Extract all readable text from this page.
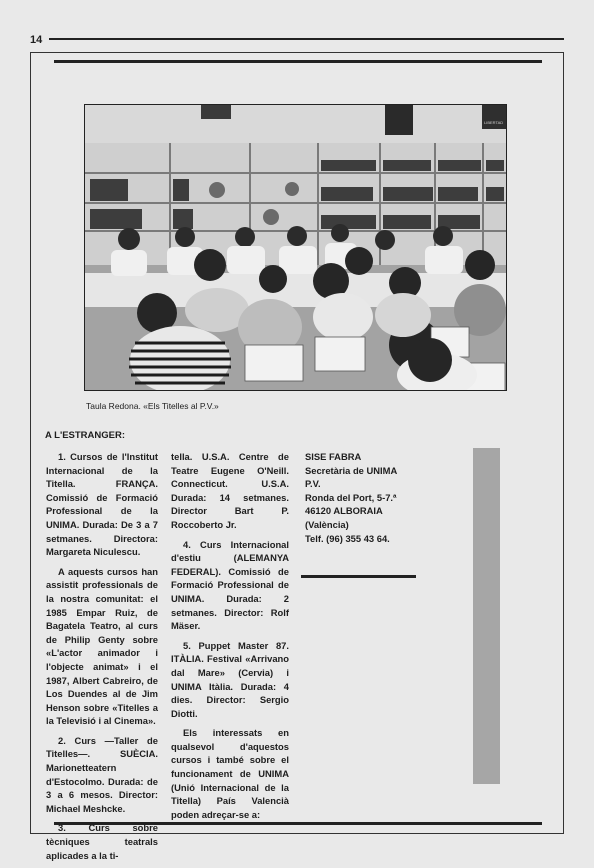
14
LIBERTAD
Taula Redona. «Els Titelles al P.V.»
A L'ESTRANGER:

1. Cursos de l'Institut Internacional de la Titella. FRANÇA. Comissió de Formació Professional de la UNIMA. Durada: De 3 a 7 setmanes. Directora: Margareta Niculescu.

A aquests cursos han assistit professionals de la nostra comunitat: el 1985 Empar Ruiz, de Bagatela Teatro, al curs de Philip Genty sobre «L'actor animador i l'objecte animat» i el 1987, Albert Cabreiro, de Los Duendes al de Jim Henson sobre «Titelles a la Televisió i al Cinema».

2. Curs —Taller de Titelles—. SUÈCIA. Marionetteatern d'Estocolmo. Durada: de 3 a 6 mesos. Director: Michael Meshcke.

3. Curs sobre tècniques teatrals aplicades a la ti-

tella. U.S.A. Centre de Teatre Eugene O'Neill. Connecticut. U.S.A. Durada: 14 setmanes. Director Bart P. Roccoberto Jr.

4. Curs Internacional d'estiu (ALEMANYA FEDERAL). Comissió de Formació Professional de UNIMA. Durada: 2 setmanes. Director: Rolf Mäser.

5. Puppet Master 87. ITÀLIA. Festival «Arrivano dal Mare» (Cervia) i UNIMA Itàlia. Durada: 4 dies. Director: Sergio Diotti.

Els interessats en qualsevol d'aquestos cursos i també sobre el funcionament de UNIMA (Unió Internacional de la Titella) País Valencià poden adreçar-se a:

SISE FABRA
Secretària de UNIMA
P.V.
Ronda del Port, 5-7.ª
46120 ALBORAIA
(València)
Telf. (96) 355 43 64.
